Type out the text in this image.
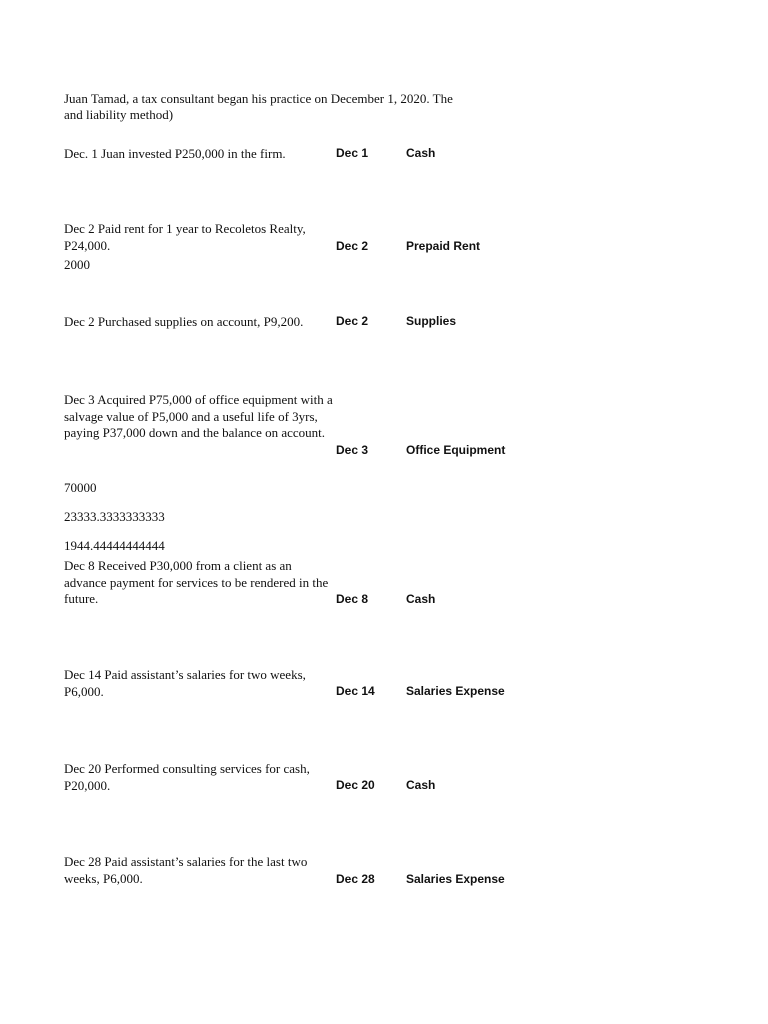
Juan Tamad, a tax consultant began his practice on December 1, 2020. The
and liability method)
Dec. 1 Juan invested P250,000 in the firm.	Dec 1	Cash
Dec 2 Paid rent for 1 year to Recoletos Realty, P24,000.	Dec 2	Prepaid Rent
2000
Dec 2 Purchased supplies on account, P9,200.	Dec 2	Supplies
Dec 3 Acquired P75,000 of office equipment with a salvage value of P5,000 and a useful life of 3yrs, paying P37,000 down and the balance on account.
Dec 3	Office Equipment
70000
23333.3333333333
1944.44444444444
Dec 8 Received P30,000 from a client as an advance payment for services to be rendered in the future.	Dec 8	Cash
Dec 14 Paid assistant’s salaries for two weeks, P6,000.	Dec 14	Salaries Expense
Dec 20 Performed consulting services for cash, P20,000.	Dec 20	Cash
Dec 28 Paid assistant’s salaries for the last two weeks, P6,000.	Dec 28	Salaries Expense
